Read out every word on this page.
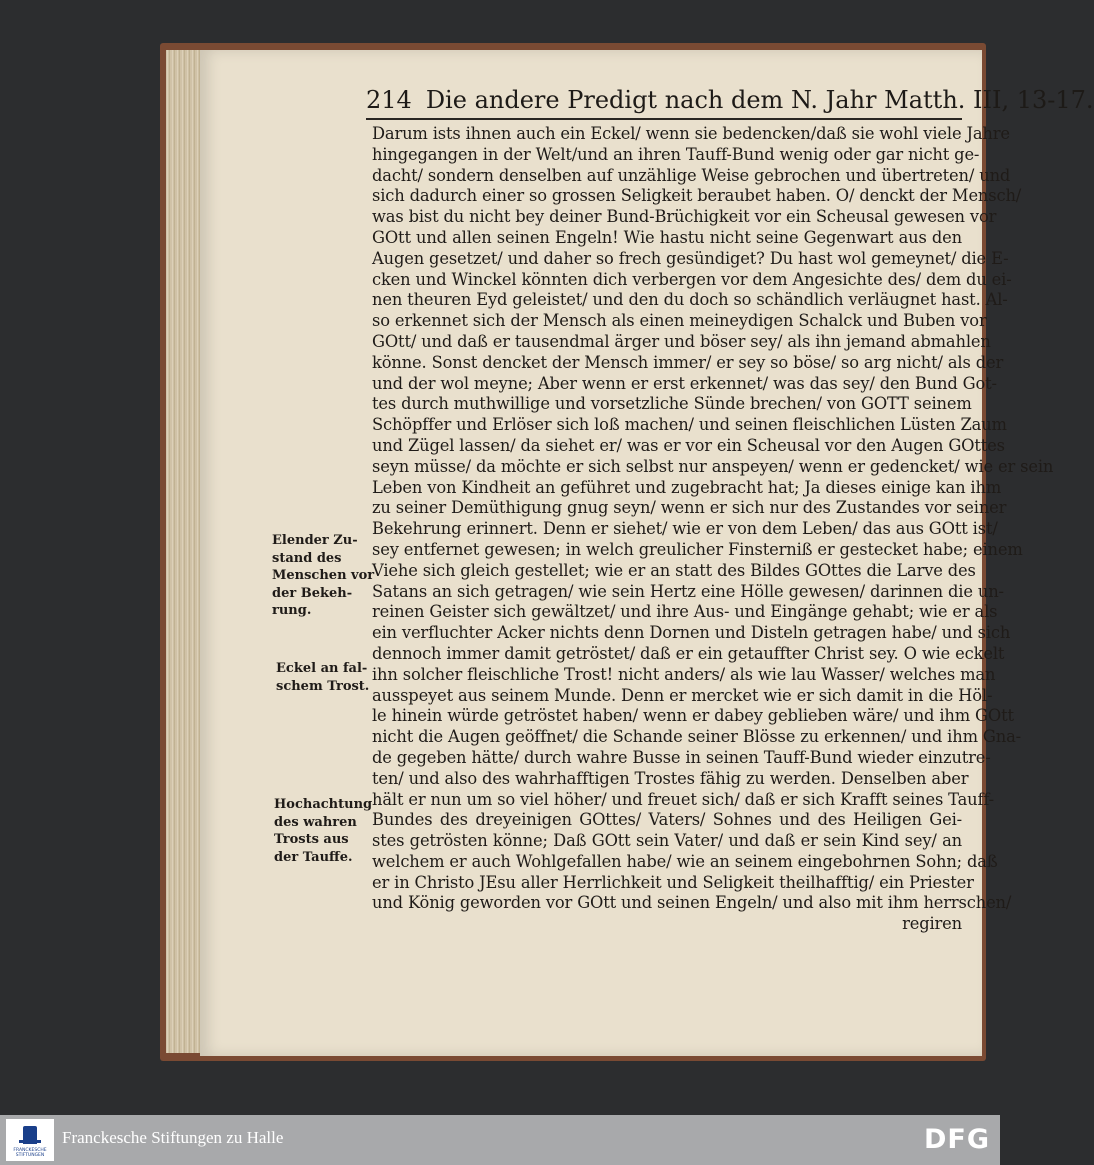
214 Die andere Predigt nach dem N. Jahr Matth. III, 13-17.
Darum ists ihnen auch ein Eckel/ wenn sie bedencken/daß sie wohl viele Jahre
hingegangen in der Welt/und an ihren Tauff-Bund wenig oder gar nicht ge-
dacht/ sondern denselben auf unzählige Weise gebrochen und übertreten/ und
sich dadurch einer so grossen Seligkeit beraubet haben. O/ denckt der Mensch/
was bist du nicht bey deiner Bund-Brüchigkeit vor ein Scheusal gewesen vor
GOtt und allen seinen Engeln! Wie hastu nicht seine Gegenwart aus den
Augen gesetzet/ und daher so frech gesündiget? Du hast wol gemeynet/ die E-
cken und Winckel könnten dich verbergen vor dem Angesichte des/ dem du ei-
nen theuren Eyd geleistet/ und den du doch so schändlich verläugnet hast. Al-
so erkennet sich der Mensch als einen meineydigen Schalck und Buben vor
GOtt/ und daß er tausendmal ärger und böser sey/ als ihn jemand abmahlen
könne. Sonst dencket der Mensch immer/ er sey so böse/ so arg nicht/ als der
und der wol meyne; Aber wenn er erst erkennet/ was das sey/ den Bund Got-
tes durch muthwillige und vorsetzliche Sünde brechen/ von GOTT seinem
Schöpffer und Erlöser sich loß machen/ und seinen fleischlichen Lüsten Zaum
und Zügel lassen/ da siehet er/ was er vor ein Scheusal vor den Augen GOttes
seyn müsse/ da möchte er sich selbst nur anspeyen/ wenn er gedencket/ wie er sein
Leben von Kindheit an geführet und zugebracht hat; Ja dieses einige kan ihm
zu seiner Demüthigung gnug seyn/ wenn er sich nur des Zustandes vor seiner
Bekehrung erinnert. Denn er siehet/ wie er von dem Leben/ das aus GOtt ist/
sey entfernet gewesen; in welch greulicher Finsterniß er gestecket habe; einem
Viehe sich gleich gestellet; wie er an statt des Bildes GOttes die Larve des
Satans an sich getragen/ wie sein Hertz eine Hölle gewesen/ darinnen die un-
reinen Geister sich gewältzet/ und ihre Aus- und Eingänge gehabt; wie er als
ein verfluchter Acker nichts denn Dornen und Disteln getragen habe/ und sich
dennoch immer damit getröstet/ daß er ein getauffter Christ sey. O wie eckelt
ihn solcher fleischliche Trost! nicht anders/ als wie lau Wasser/ welches man
ausspeyet aus seinem Munde. Denn er mercket wie er sich damit in die Höl-
le hinein würde getröstet haben/ wenn er dabey geblieben wäre/ und ihm GOtt
nicht die Augen geöffnet/ die Schande seiner Blösse zu erkennen/ und ihm Gna-
de gegeben hätte/ durch wahre Busse in seinen Tauff-Bund wieder einzutre-
ten/ und also des wahrhafftigen Trostes fähig zu werden. Denselben aber
hält er nun um so viel höher/ und freuet sich/ daß er sich Krafft seines Tauff-
Bundes des dreyeinigen GOttes/ Vaters/ Sohnes und des Heiligen Gei-
stes getrösten könne; Daß GOtt sein Vater/ und daß er sein Kind sey/ an
welchem er auch Wohlgefallen habe/ wie an seinem eingebohrnen Sohn; daß
er in Christo JEsu aller Herrlichkeit und Seligkeit theilhafftig/ ein Priester
und König geworden vor GOtt und seinen Engeln/ und also mit ihm herrschen/
regiren
Elender Zu-
stand des
Menschen vor
der Bekeh-
rung.
Eckel an fal-
schem Trost.
Hochachtung
des wahren
Trosts aus
der Tauffe.
FRANCKESCHE STIFTUNGEN
Franckesche Stiftungen zu Halle	DFG
